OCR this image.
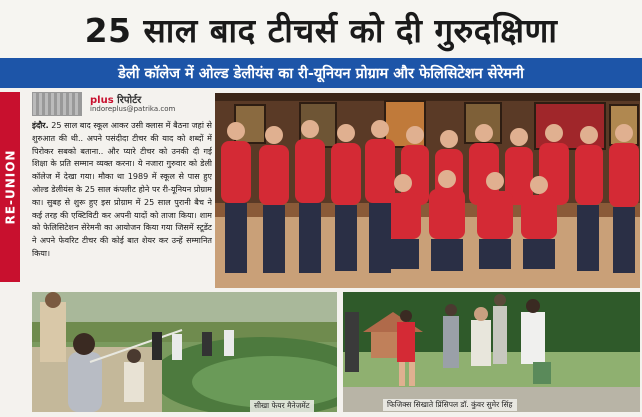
25 साल बाद टीचर्स को दी गुरुदक्षिणा
डेली कॉलेज में ओल्ड डेलीयंस का री-यूनियन प्रोग्राम और फेलिसिटेशन सेरेमनी
RE-UNION
plus रिपोर्टर
indoreplus@patrika.com
इंदौर. 25 साल बाद स्कूल आकर उसी क्लास में बैठना जहां से शुरुआत की थी.. अपने पसंदीदा टीचर की याद को शब्दों में पिरोकर सबको बताना.. और प्यारे टीचर को उनकी दी गई शिक्षा के प्रति सम्मान व्यक्त करना। ये नजारा गुरुवार को डेली कॉलेज में देखा गया। मौका था 1989 में स्कूल से पास हुए ओल्ड डेलीयंस के 25 साल कंपलीट होने पर री-यूनियन प्रोग्राम का। सुबह से शुरू हुए इस प्रोग्राम में 25 साल पुरानी बैच ने कई तरह की एक्टिविटी कर अपनी यादों को ताजा किया। शाम को फेलिसिटेशन सेरेमनी का आयोजन किया गया जिसमें स्टूडेंट ने अपने फेवरिट टीचर की कोई बात शेयर कर उन्हें सम्मानित किया।
सीखा फेयर मैनेजमेंट	फिजिक्स सिखाते प्रिंसिपल डॉ. कुंवर सुमेर सिंह
